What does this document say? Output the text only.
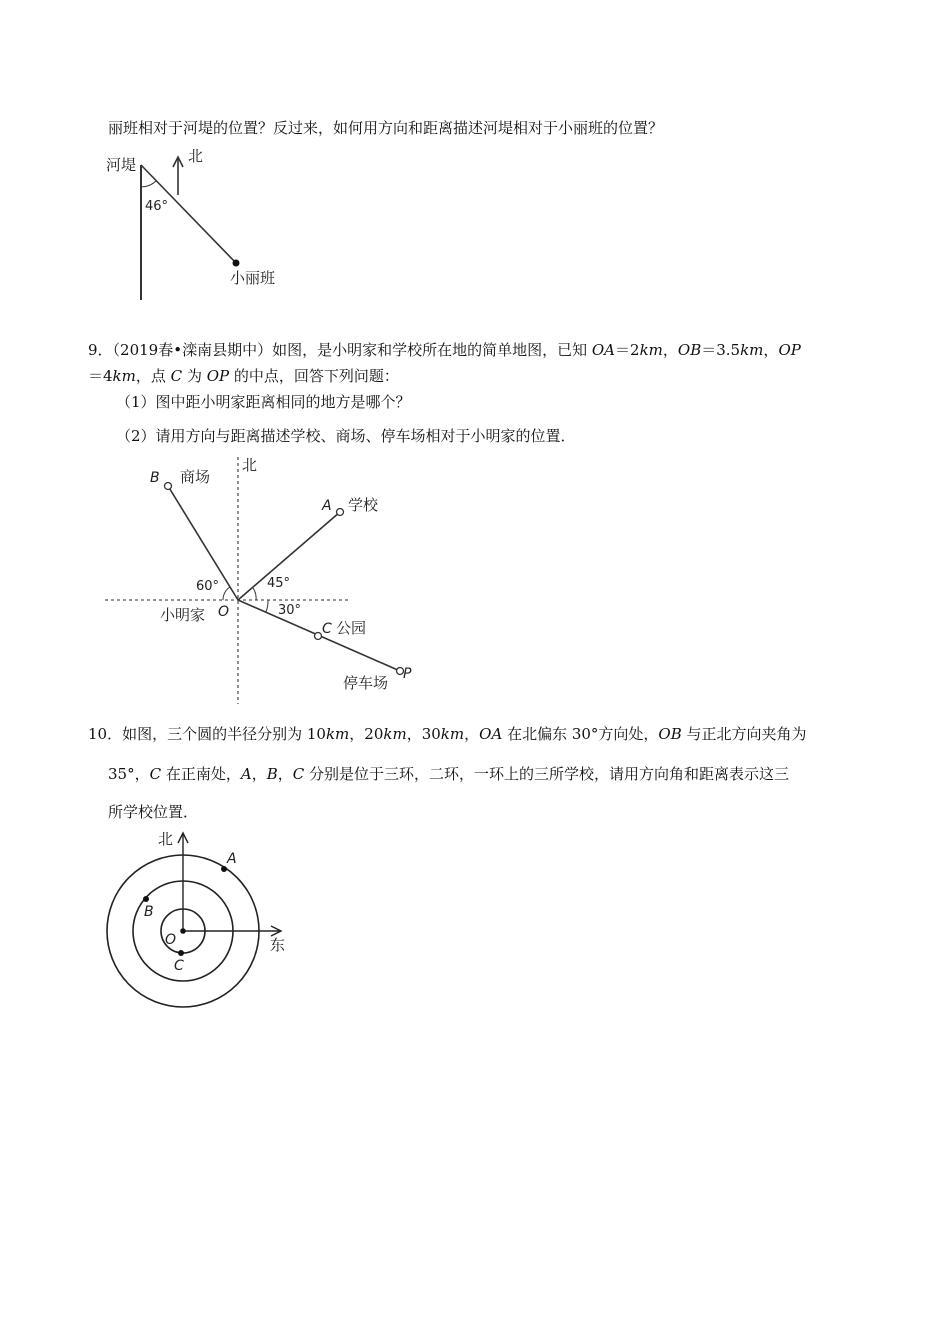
丽班相对于河堤的位置？反过来，如何用方向和距离描述河堤相对于小丽班的位置？
河堤	北
46°
小丽班
9．（2019春•滦南县期中）如图，是小明家和学校所在地的简单地图，已知 OA＝2km，OB＝3.5km，OP
＝4km，点 C 为 OP 的中点，回答下列问题：
（1）图中距小明家距离相同的地方是哪个？
（2）请用方向与距离描述学校、商场、停车场相对于小明家的位置．
北
B 商场
A 学校
60°	45°
30°
小明家 O
C 公园
P
停车场
10．如图，三个圆的半径分别为 10km，20km，30km，OA 在北偏东 30°方向处，OB 与正北方向夹角为
35°，C 在正南处，A，B，C 分别是位于三环，二环，一环上的三所学校，请用方向角和距离表示这三
所学校位置．
北
东
A
B
O
C
